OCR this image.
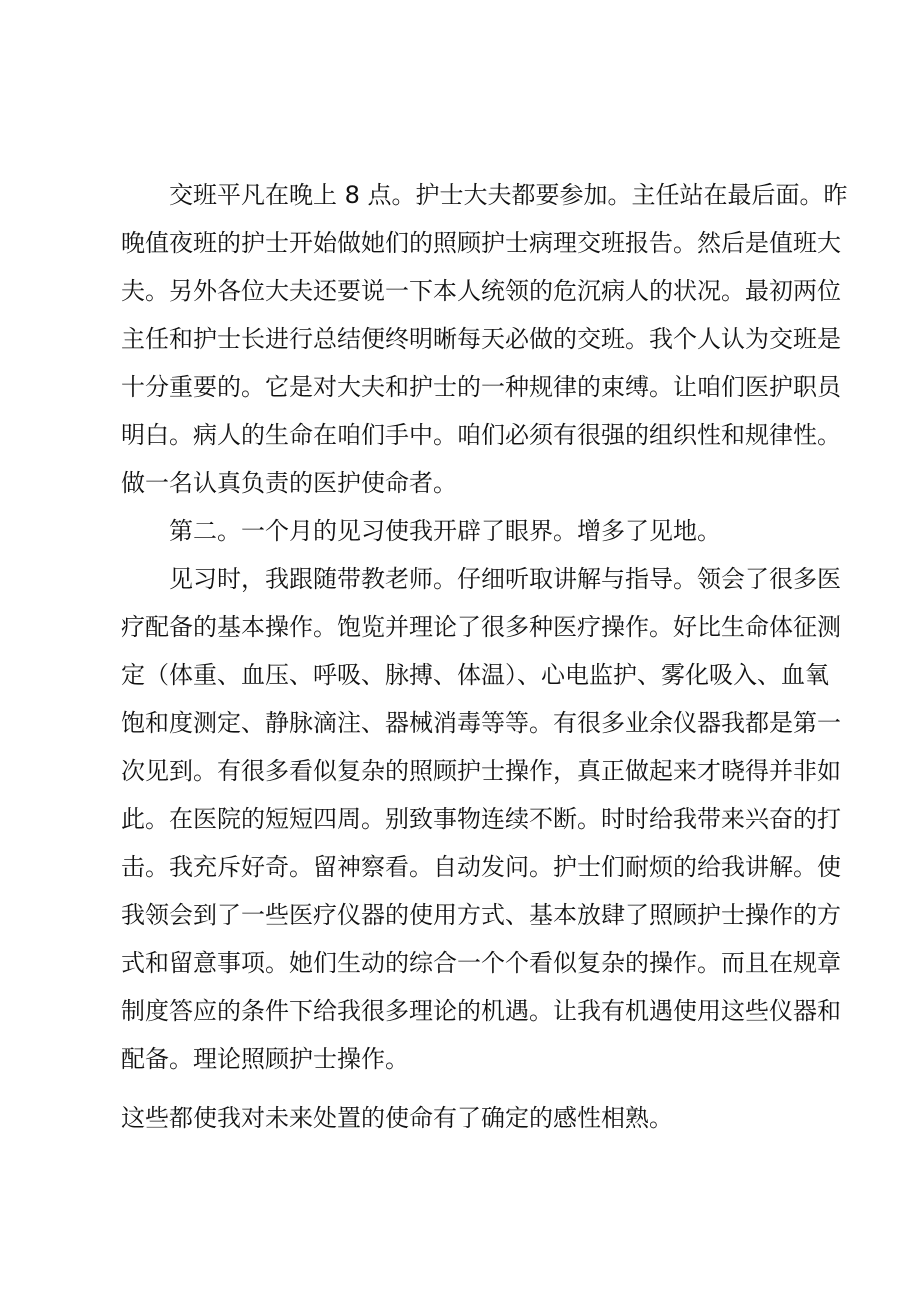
交班平凡在晚上 8 点。护士大夫都要参加。主任站在最后面。昨

晚值夜班的护士开始做她们的照顾护士病理交班报告。然后是值班大

夫。另外各位大夫还要说一下本人统领的危沉病人的状况。最初两位

主任和护士长进行总结便终明晰每天必做的交班。我个人认为交班是

十分重要的。它是对大夫和护士的一种规律的束缚。让咱们医护职员

明白。病人的生命在咱们手中。咱们必须有很强的组织性和规律性。

做一名认真负责的医护使命者。

第二。一个月的见习使我开辟了眼界。增多了见地。

见习时，我跟随带教老师。仔细听取讲解与指导。领会了很多医

疗配备的基本操作。饱览并理论了很多种医疗操作。好比生命体征测

定（体重、血压、呼吸、脉搏、体温）、心电监护、雾化吸入、血氧

饱和度测定、静脉滴注、器械消毒等等。有很多业余仪器我都是第一

次见到。有很多看似复杂的照顾护士操作，真正做起来才晓得并非如

此。在医院的短短四周。别致事物连续不断。时时给我带来兴奋的打

击。我充斥好奇。留神察看。自动发问。护士们耐烦的给我讲解。使

我领会到了一些医疗仪器的使用方式、基本放肆了照顾护士操作的方

式和留意事项。她们生动的综合一个个看似复杂的操作。而且在规章

制度答应的条件下给我很多理论的机遇。让我有机遇使用这些仪器和

配备。理论照顾护士操作。

这些都使我对未来处置的使命有了确定的感性相熟。
